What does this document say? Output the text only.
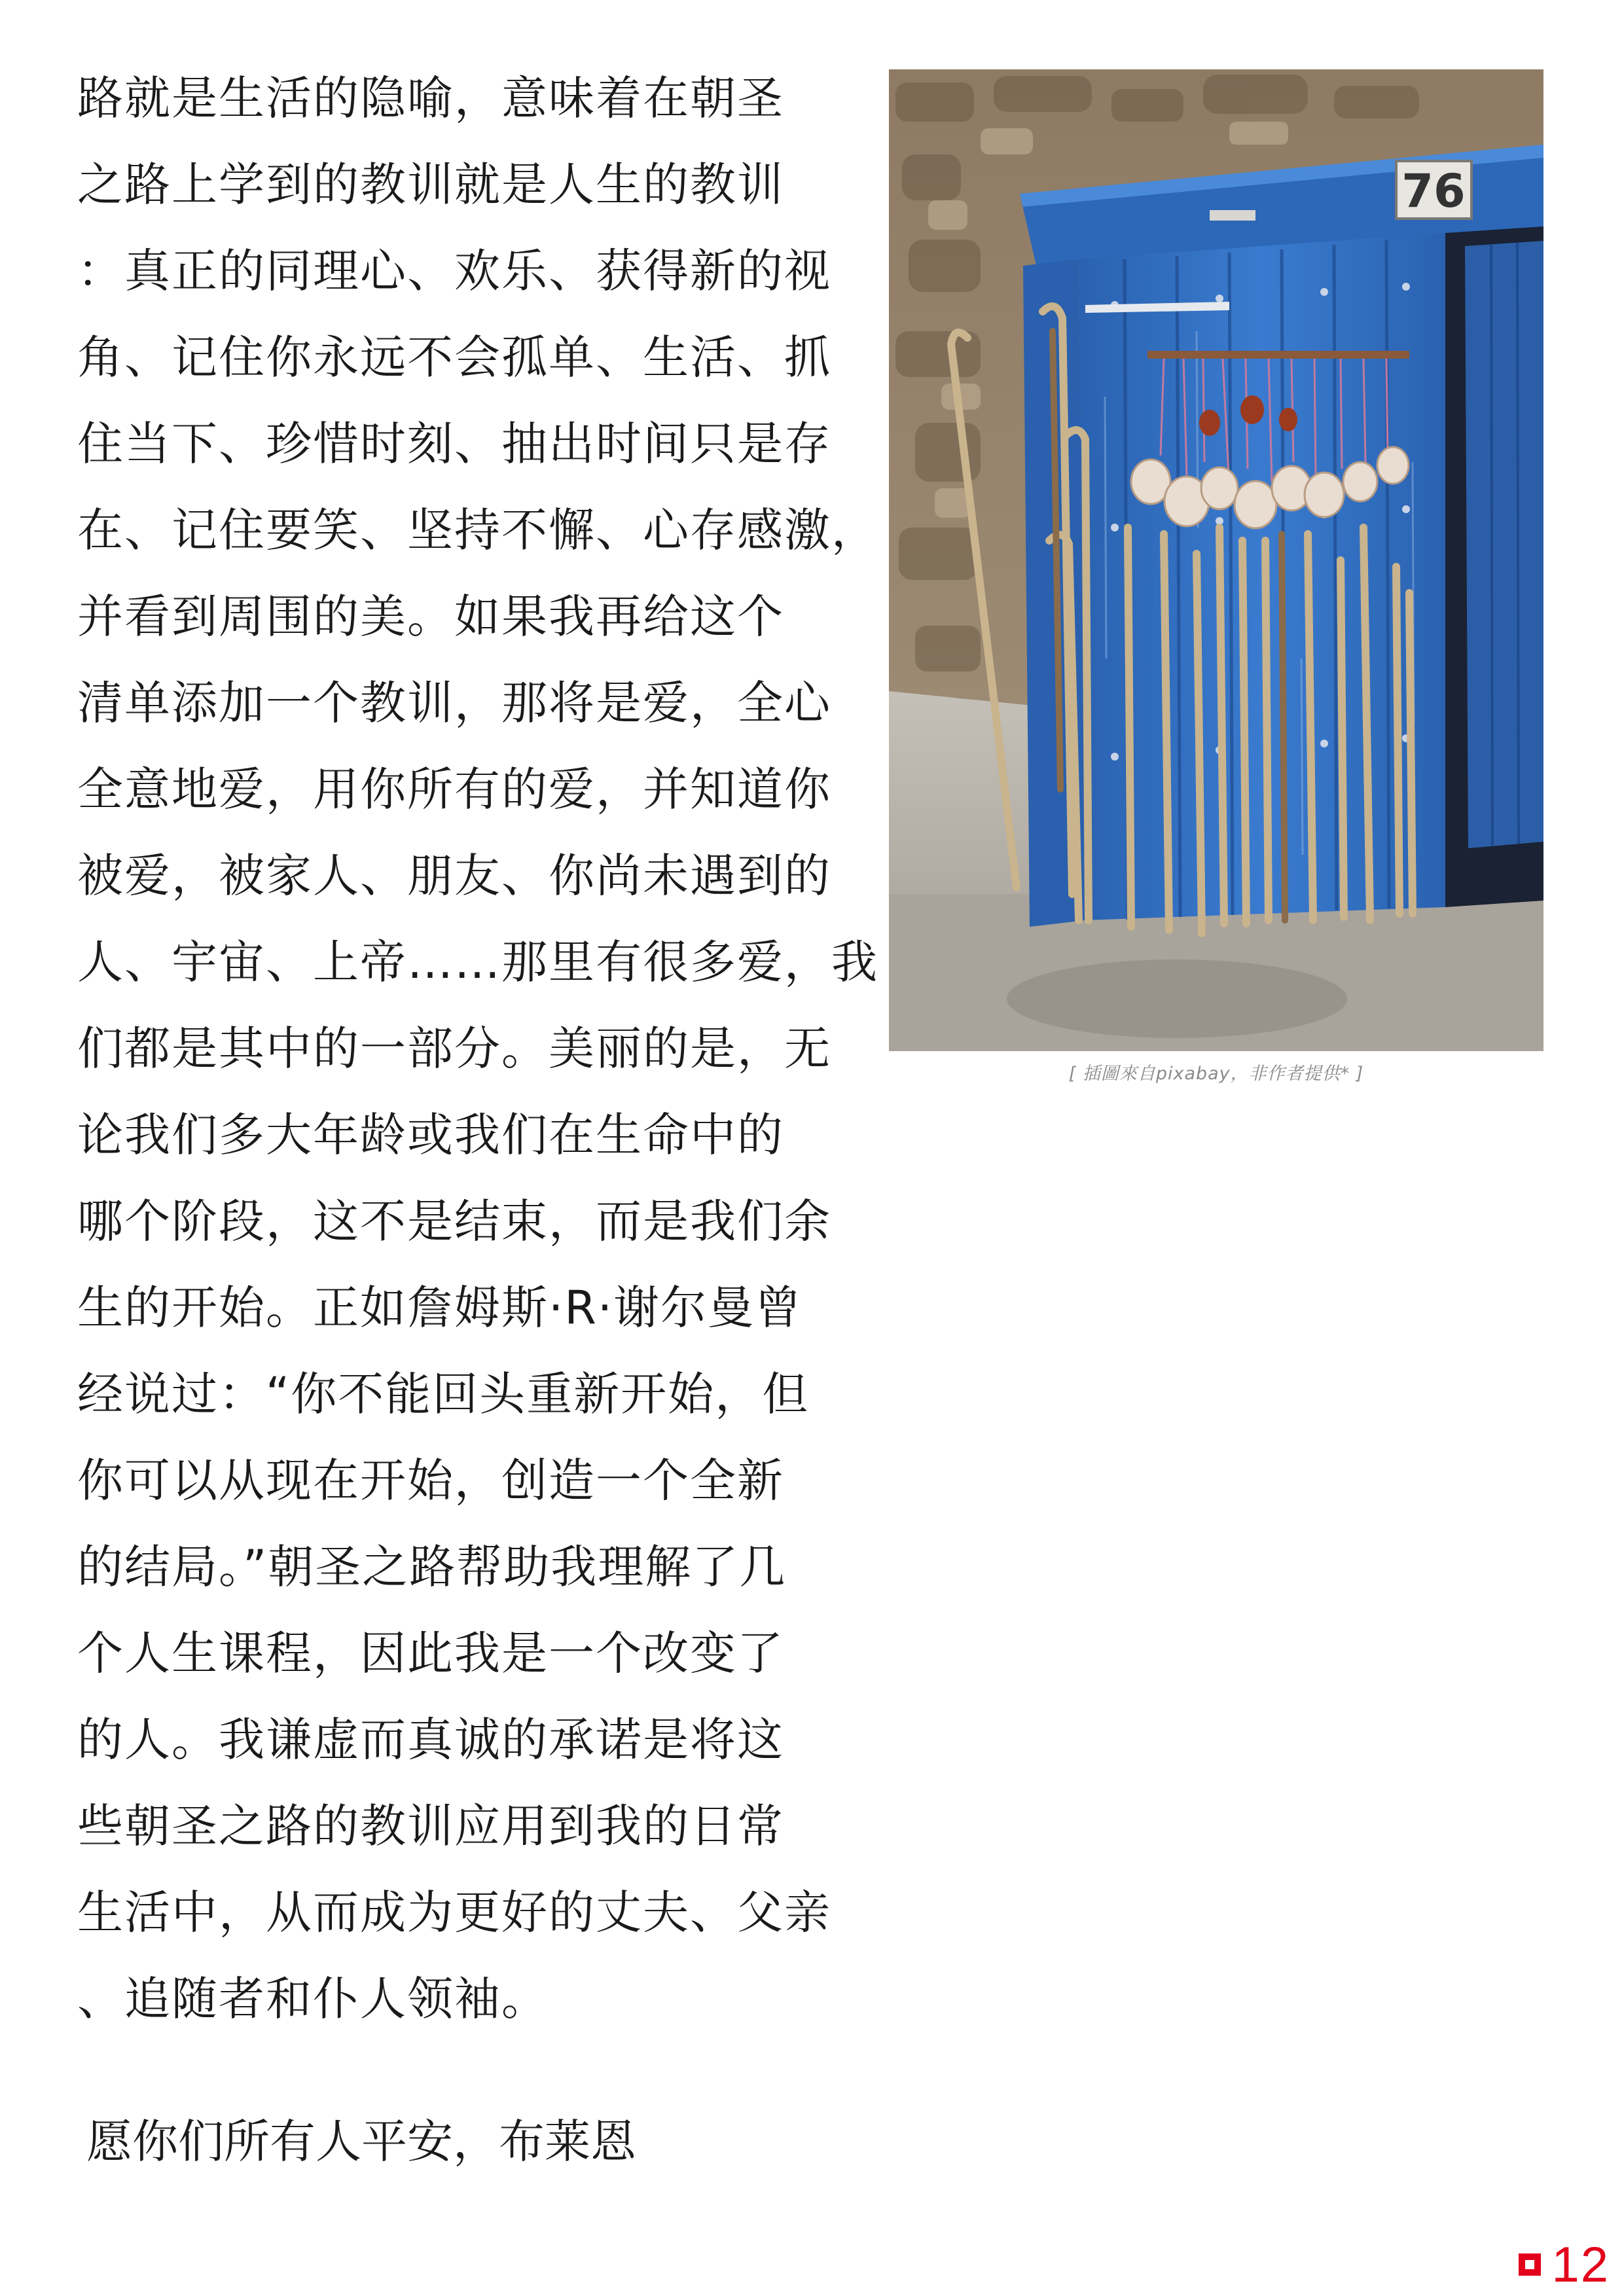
路就是生活的隐喻，意味着在朝圣
之路上学到的教训就是人生的教训
：真正的同理心、欢乐、获得新的视
角、记住你永远不会孤单、生活、抓
住当下、珍惜时刻、抽出时间只是存
在、记住要笑、坚持不懈、心存感激，
并看到周围的美。如果我再给这个
清单添加一个教训，那将是爱，全心
全意地爱，用你所有的爱，并知道你
被爱，被家人、朋友、你尚未遇到的
人、宇宙、上帝……那里有很多爱，我
们都是其中的一部分。美丽的是，无
论我们多大年龄或我们在生命中的
哪个阶段，这不是结束，而是我们余
生的开始。正如詹姆斯·R·谢尔曼曾
经说过：“你不能回头重新开始，但
你可以从现在开始，创造一个全新
的结局。”朝圣之路帮助我理解了几
个人生课程，因此我是一个改变了
的人。我谦虚而真诚的承诺是将这
些朝圣之路的教训应用到我的日常
生活中，从而成为更好的丈夫、父亲
、追随者和仆人领袖。
愿你们所有人平安，布莱恩
76
[ 插圖來自pixabay，非作者提供* ]
12
